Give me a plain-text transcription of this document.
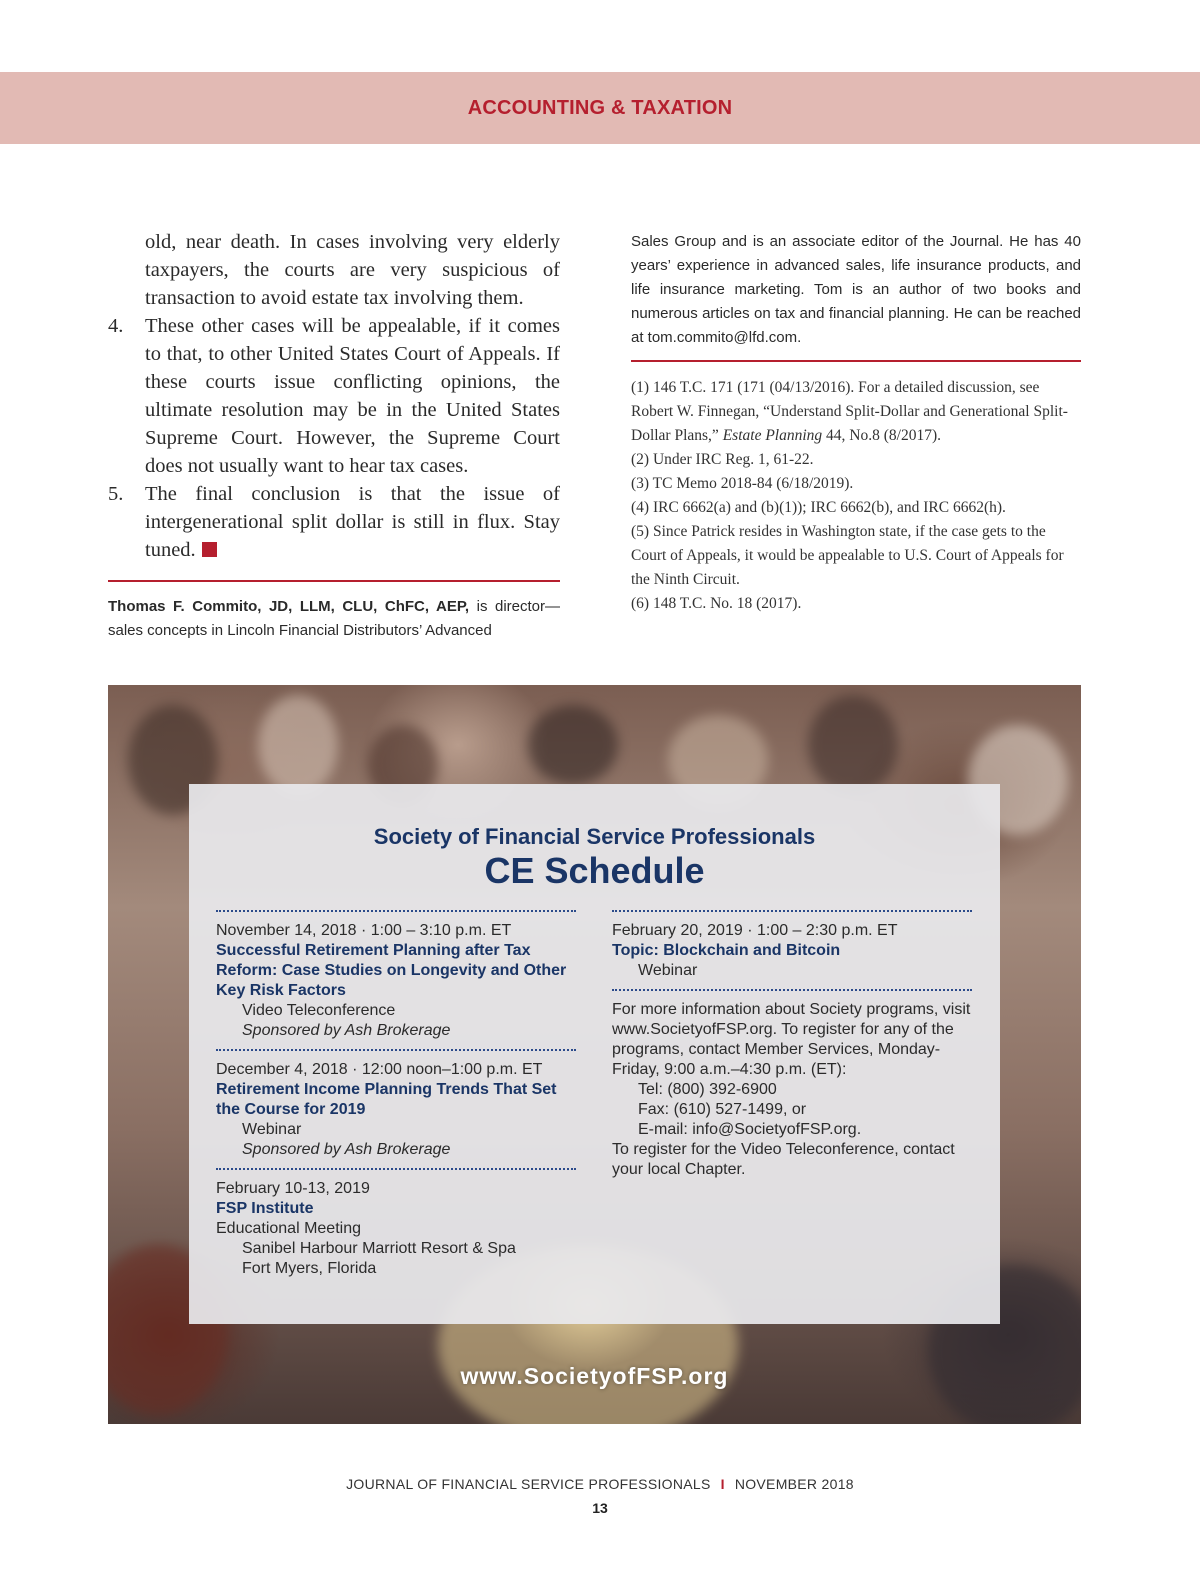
ACCOUNTING & TAXATION
old, near death. In cases involving very elderly taxpayers, the courts are very suspicious of transaction to avoid estate tax involving them.
4. These other cases will be appealable, if it comes to that, to other United States Court of Appeals. If these courts issue conflicting opinions, the ultimate resolution may be in the United States Supreme Court. However, the Supreme Court does not usually want to hear tax cases.
5. The final conclusion is that the issue of intergenerational split dollar is still in flux. Stay tuned.
Thomas F. Commito, JD, LLM, CLU, ChFC, AEP, is director—sales concepts in Lincoln Financial Distributors’ Advanced
Sales Group and is an associate editor of the Journal. He has 40 years’ experience in advanced sales, life insurance products, and life insurance marketing. Tom is an author of two books and numerous articles on tax and financial planning. He can be reached at tom.commito@lfd.com.

(1) 146 T.C. 171 (171 (04/13/2016). For a detailed discussion, see Robert W. Finnegan, “Understand Split-Dollar and Generational Split-Dollar Plans,” Estate Planning 44, No.8 (8/2017).

(2) Under IRC Reg. 1, 61-22.

(3) TC Memo 2018-84 (6/18/2019).

(4) IRC 6662(a) and (b)(1)); IRC 6662(b), and IRC 6662(h).

(5) Since Patrick resides in Washington state, if the case gets to the Court of Appeals, it would be appealable to U.S. Court of Appeals for the Ninth Circuit.

(6) 148 T.C. No. 18 (2017).

Society of Financial Service Professionals
CE Schedule
November 14, 2018 · 1:00 – 3:10 p.m. ET
Successful Retirement Planning after Tax Reform: Case Studies on Longevity and Other Key Risk Factors
Video Teleconference
Sponsored by Ash Brokerage
December 4, 2018 · 12:00 noon–1:00 p.m. ET
Retirement Income Planning Trends That Set the Course for 2019
Webinar
Sponsored by Ash Brokerage
February 10-13, 2019
FSP Institute
Educational Meeting
Sanibel Harbour Marriott Resort & Spa
Fort Myers, Florida
February 20, 2019 · 1:00 – 2:30 p.m. ET
Topic: Blockchain and Bitcoin
Webinar
For more information about Society programs, visit www.SocietyofFSP.org. To register for any of the programs, contact Member Services, Monday-Friday, 9:00 a.m.–4:30 p.m. (ET):
Tel: (800) 392-6900
Fax: (610) 527-1499, or
E-mail: info@SocietyofFSP.org.
To register for the Video Teleconference, contact your local Chapter.
www.SocietyofFSP.org
JOURNAL OF FINANCIAL SERVICE PROFESSIONALS I NOVEMBER 2018
13
